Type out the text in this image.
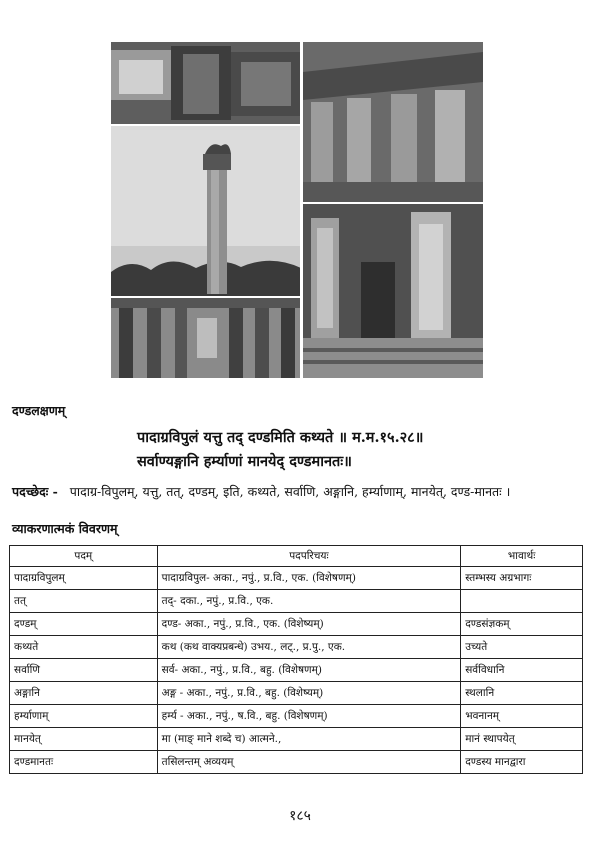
दण्डलक्षणम्
पादाग्रविपुलं यत्तु तद् दण्डमिति कथ्यते ॥ म.म.१५.२८॥
सर्वाण्यङ्गानि हर्म्याणां मानयेद् दण्डमानतः॥
पदच्छेदः - पादाग्र-विपुलम्, यत्तु, तत्, दण्डम्, इति, कथ्यते, सर्वाणि, अङ्गानि, हर्म्याणाम्, मानयेत्, दण्ड-मानतः ।
व्याकरणात्मकं विवरणम्
पदम्	पदपरिचयः	भावार्थः
पादाग्रविपुलम्	पादाग्रविपुल- अका., नपुं., प्र.वि., एक. (विशेषणम्)	स्तम्भस्य अग्रभागः
तत्	तद्- दका., नपुं., प्र.वि., एक.	
दण्डम्	दण्ड- अका., नपुं., प्र.वि., एक. (विशेष्यम्)	दण्डसंज्ञकम्
कथ्यते	कथ (कथ वाक्यप्रबन्धे) उभय., लट्., प्र.पु., एक.	उच्यते
सर्वाणि	सर्व- अका., नपुं., प्र.वि., बहु. (विशेषणम्)	सर्वविधानि
अङ्गानि	अङ्ग - अका., नपुं., प्र.वि., बहु. (विशेष्यम्)	स्थलानि
हर्म्याणाम्	हर्म्य - अका., नपुं., ष.वि., बहु. (विशेषणम्)	भवनानम्
मानयेत्	मा (माङ् माने शब्दे च) आत्मने.,	मानं स्थापयेत्
दण्डमानतः	तसिलन्तम् अव्ययम्	दण्डस्य मानद्वारा
१८५
